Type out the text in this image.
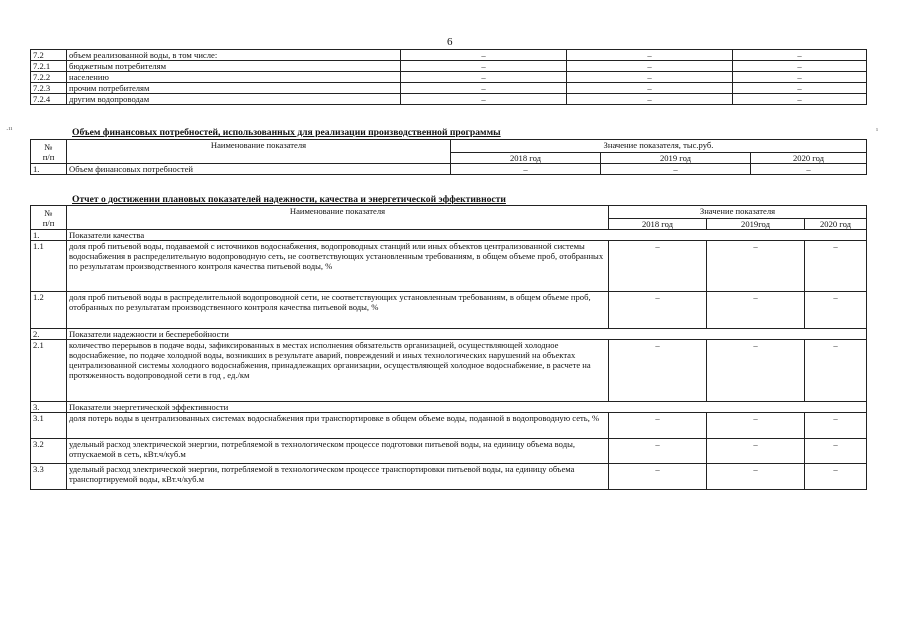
6
·¹¹	¹
7.2	объем реализованной воды, в том числе:	–	–	–
7.2.1	бюджетным потребителям	–	–	–
7.2.2	населению	–	–	–
7.2.3	прочим потребителям	–	–	–
7.2.4	другим водопроводам	–	–	–
Объем финансовых потребностей, использованных для реализации производственной программы
№
п/п	Наименование показателя	Значение показателя, тыс.руб.		
		2018 год	2019 год	2020 год
1.	Объем финансовых потребностей	–	–	–
Отчет о достижении плановых показателей надежности, качества и энергетической эффективности
№
п/п	Наименование показателя	Значение показателя		
		2018 год	2019год	2020 год
1.	Показатели качества			
1.1	доля проб питьевой воды, подаваемой с источников водоснабжения, водопроводных станций или иных объектов централизованной системы водоснабжения в распределительную водопроводную сеть, не соответствующих установленным требованиям, в общем объеме проб, отобранных по результатам производственного контроля качества питьевой воды, %	–	–	–
1.2	доля проб питьевой воды в распределительной водопроводной сети, не соответствующих установленным требованиям, в общем объеме проб, отобранных по результатам производственного контроля качества питьевой воды, %	–	–	–
2.	Показатели надежности и бесперебойности			
2.1	количество перерывов в подаче воды, зафиксированных в местах исполнения обязательств организацией, осуществляющей холодное водоснабжение, по подаче холодной воды, возникших в результате аварий, повреждений и иных технологических нарушений на объектах централизованной системы холодного водоснабжения, принадлежащих организации, осуществляющей холодное водоснабжение, в расчете на протяженность водопроводной сети в год , ед./км	–	–	–
3.	Показатели энергетической эффективности			
3.1	доля потерь воды в централизованных системах водоснабжения при транспортировке в общем объеме воды, поданной в водопроводную сеть, %	–	–	–
3.2	удельный расход электрической энергии, потребляемой в технологическом процессе подготовки питьевой воды, на единицу объема воды, отпускаемой в сеть, кВт.ч/куб.м	–	–	–
3.3	удельный расход электрической энергии, потребляемой в технологическом процессе транспортировки питьевой воды, на единицу объема транспортируемой воды, кВт.ч/куб.м	–	–	–
